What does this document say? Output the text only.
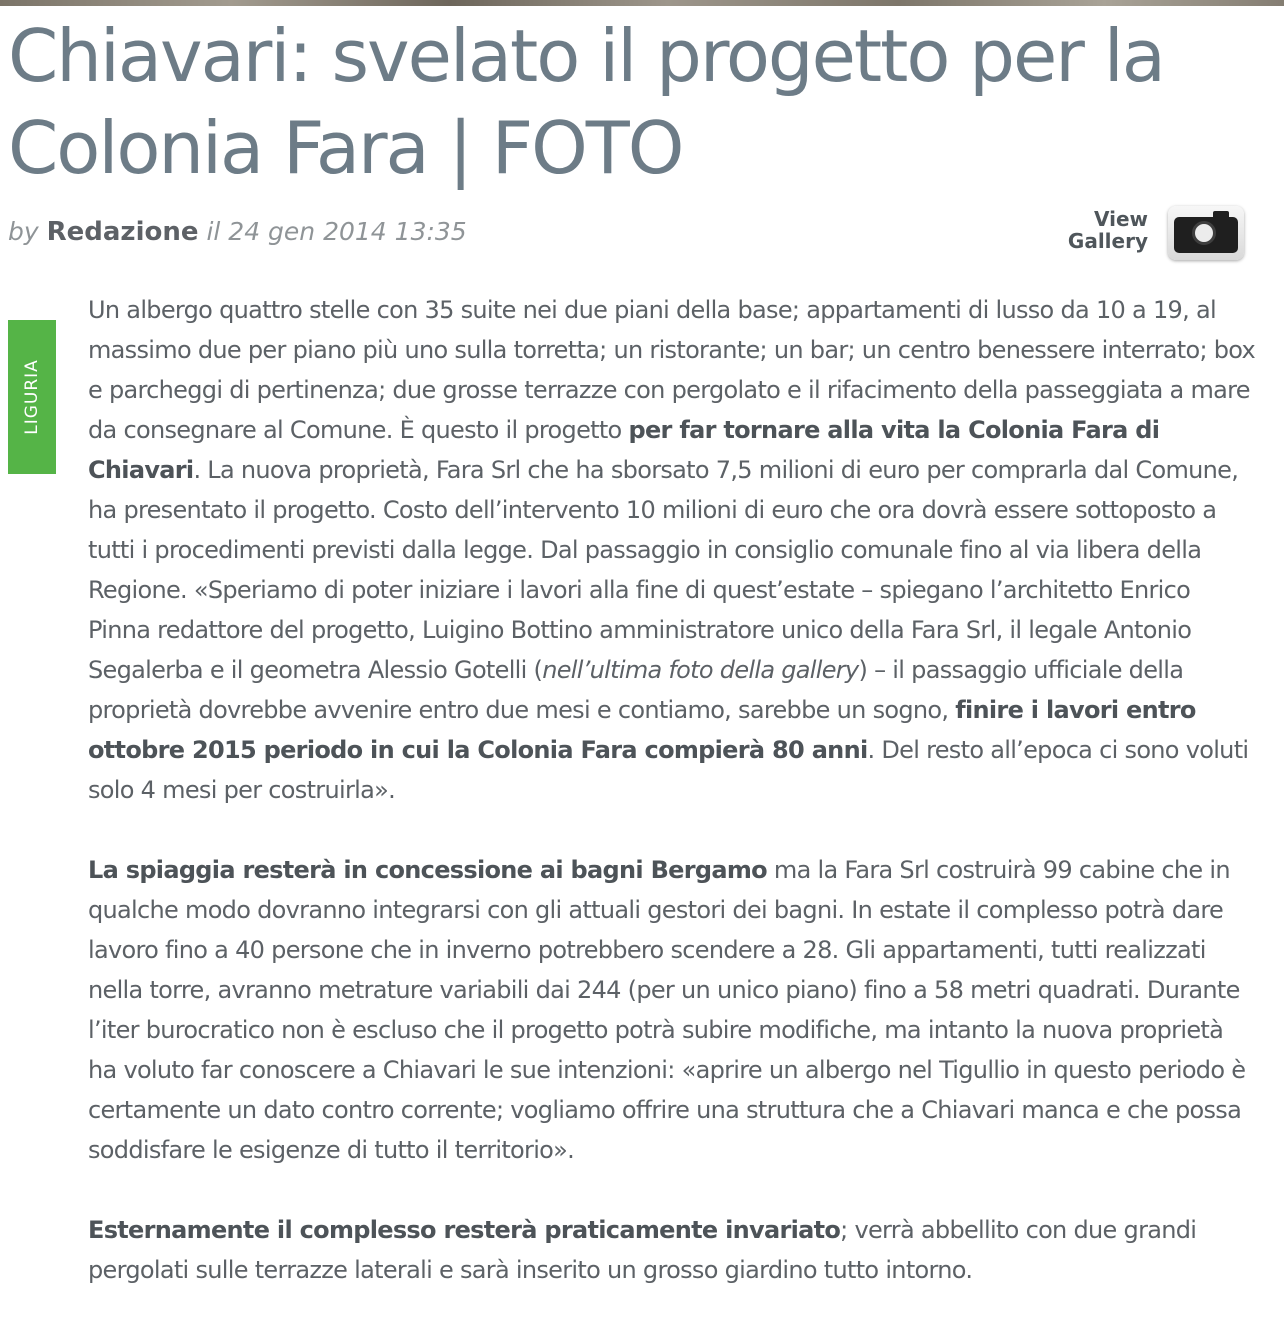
Chiavari: svelato il progetto per la Colonia Fara | FOTO
by Redazione il 24 gen 2014 13:35	View
Gallery
LIGURIA

Un albergo quattro stelle con 35 suite nei due piani della base; appartamenti di lusso da 10 a 19, al massimo due per piano più uno sulla torretta; un ristorante; un bar; un centro benessere interrato; box e parcheggi di pertinenza; due grosse terrazze con pergolato e il rifacimento della passeggiata a mare da consegnare al Comune. È questo il progetto per far tornare alla vita la Colonia Fara di Chiavari. La nuova proprietà, Fara Srl che ha sborsato 7,5 milioni di euro per comprarla dal Comune, ha presentato il progetto. Costo dell’intervento 10 milioni di euro che ora dovrà essere sottoposto a tutti i procedimenti previsti dalla legge. Dal passaggio in consiglio comunale fino al via libera della Regione. «Speriamo di poter iniziare i lavori alla fine di quest’estate – spiegano l’architetto Enrico Pinna redattore del progetto, Luigino Bottino amministratore unico della Fara Srl, il legale Antonio Segalerba e il geometra Alessio Gotelli (nell’ultima foto della gallery) – il passaggio ufficiale della proprietà dovrebbe avvenire entro due mesi e contiamo, sarebbe un sogno, finire i lavori entro ottobre 2015 periodo in cui la Colonia Fara compierà 80 anni. Del resto all’epoca ci sono voluti solo 4 mesi per costruirla».

La spiaggia resterà in concessione ai bagni Bergamo ma la Fara Srl costruirà 99 cabine che in qualche modo dovranno integrarsi con gli attuali gestori dei bagni. In estate il complesso potrà dare lavoro fino a 40 persone che in inverno potrebbero scendere a 28. Gli appartamenti, tutti realizzati nella torre, avranno metrature variabili dai 244 (per un unico piano) fino a 58 metri quadrati. Durante l’iter burocratico non è escluso che il progetto potrà subire modifiche, ma intanto la nuova proprietà ha voluto far conoscere a Chiavari le sue intenzioni: «aprire un albergo nel Tigullio in questo periodo è certamente un dato contro corrente; vogliamo offrire una struttura che a Chiavari manca e che possa soddisfare le esigenze di tutto il territorio».

Esternamente il complesso resterà praticamente invariato; verrà abbellito con due grandi pergolati sulle terrazze laterali e sarà inserito un grosso giardino tutto intorno.
